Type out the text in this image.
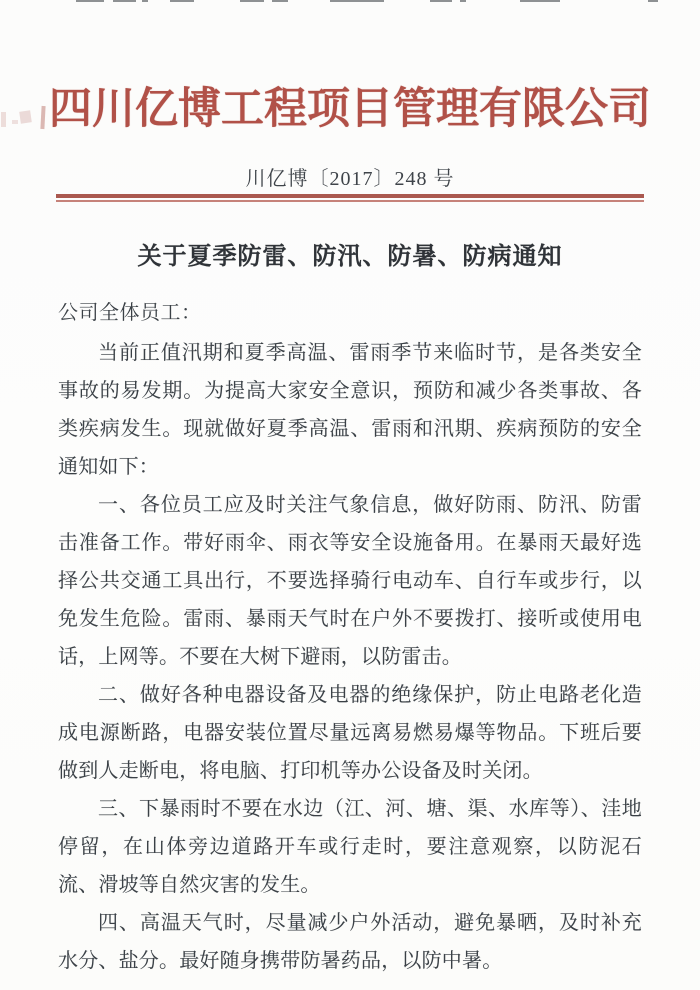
四川亿博工程项目管理有限公司
川亿博〔2017〕248 号
关于夏季防雷、防汛、防暑、防病通知
公司全体员工：

当前正值汛期和夏季高温、雷雨季节来临时节，是各类安全事故的易发期。为提高大家安全意识，预防和减少各类事故、各类疾病发生。现就做好夏季高温、雷雨和汛期、疾病预防的安全通知如下：

一、各位员工应及时关注气象信息，做好防雨、防汛、防雷击准备工作。带好雨伞、雨衣等安全设施备用。在暴雨天最好选择公共交通工具出行，不要选择骑行电动车、自行车或步行，以免发生危险。雷雨、暴雨天气时在户外不要拨打、接听或使用电话，上网等。不要在大树下避雨，以防雷击。

二、做好各种电器设备及电器的绝缘保护，防止电路老化造成电源断路，电器安装位置尽量远离易燃易爆等物品。下班后要做到人走断电，将电脑、打印机等办公设备及时关闭。

三、下暴雨时不要在水边（江、河、塘、渠、水库等）、洼地停留，在山体旁边道路开车或行走时，要注意观察，以防泥石流、滑坡等自然灾害的发生。

四、高温天气时，尽量减少户外活动，避免暴晒，及时补充水分、盐分。最好随身携带防暑药品，以防中暑。
